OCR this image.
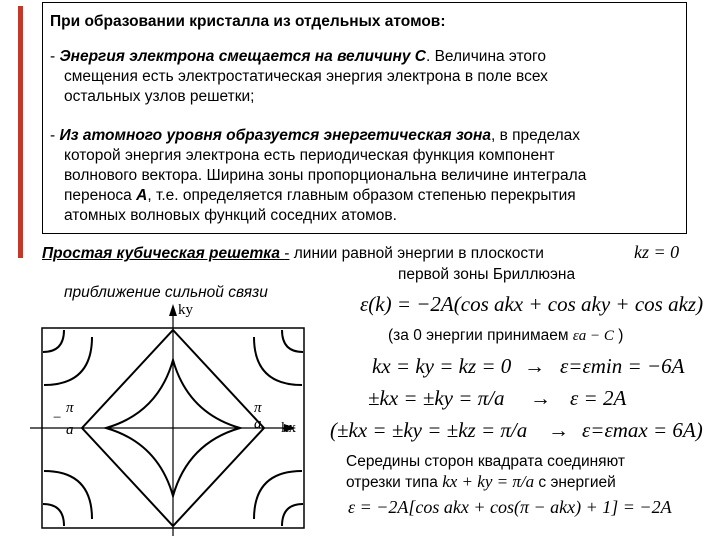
При образовании кристалла из отдельных атомов:
- Энергия электрона смещается на величину С. Величина этого
смещения есть электростатическая энергия электрона в поле всех
остальных узлов решетки;
- Из атомного уровня образуется энергетическая зона, в пределах
которой энергия электрона есть периодическая функция компонент
волнового вектора. Ширина зоны пропорциональна величине интеграла
переноса A, т.е. определяется главным образом степенью перекрытия
атомных волновых функций соседних атомов.
Простая кубическая решетка - линии равной энергии в плоскости	kz = 0
первой зоны Бриллюэна
приближение сильной связи
ky
kx
−
π
a
π
a
ε(k) = −2A(cos akx + cos aky + cos akz)
(за 0 энергии принимаем εa − C )
kx = ky = kz = 0 → ε=εmin = −6A
±kx = ±ky = π/a → ε = 2A
(±kx = ±ky = ±kz = π/a → ε=εmax = 6A)
Середины сторон квадрата соединяют
отрезки типа kx + ky = π/a с энергией
ε = −2A[cos akx + cos(π − akx) + 1] = −2A
